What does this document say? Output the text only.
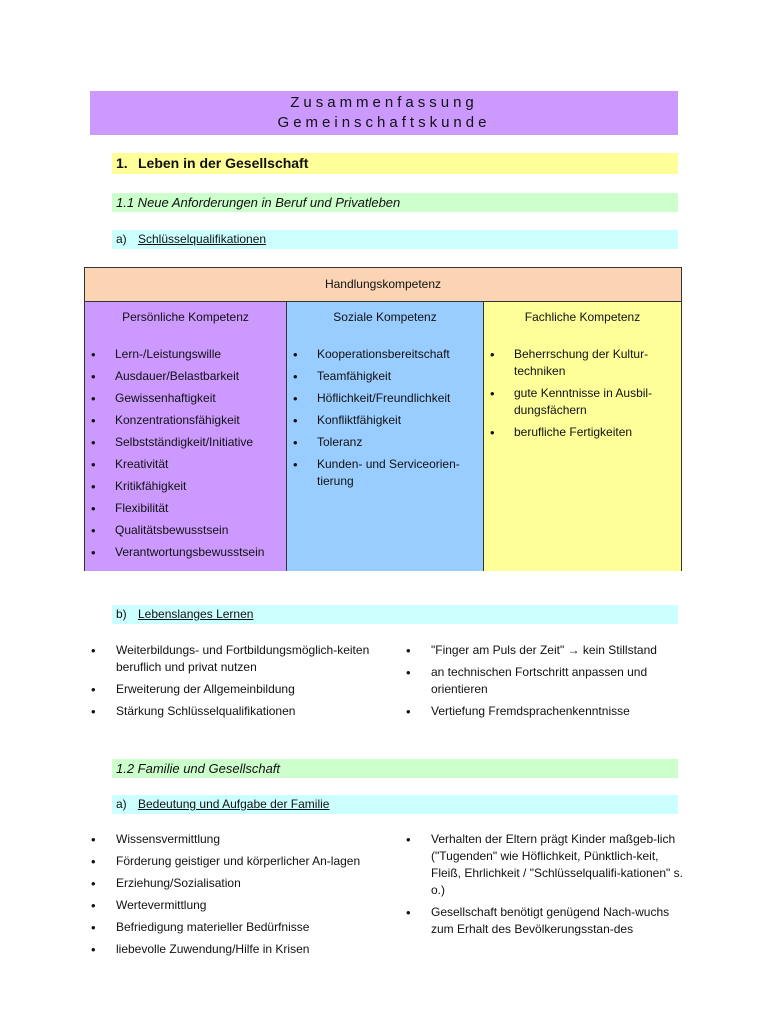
Zusammenfassung
Gemeinschaftskunde
1. Leben in der Gesellschaft
1.1 Neue Anforderungen in Beruf und Privatleben
a) Schlüsselqualifikationen
Handlungskompetenz
Persönliche Kompetenz
• Lern-/Leistungswille
• Ausdauer/Belastbarkeit
• Gewissenhaftigkeit
• Konzentrationsfähigkeit
• Selbstständigkeit/Initiative
• Kreativität
• Kritikfähigkeit
• Flexibilität
• Qualitätsbewusstsein
• Verantwortungsbewusstsein
Soziale Kompetenz
• Kooperationsbereitschaft
• Teamfähigkeit
• Höflichkeit/Freundlichkeit
• Konfliktfähigkeit
• Toleranz
• Kunden- und Serviceorien-tierung
Fachliche Kompetenz
• Beherrschung der Kultur-techniken
• gute Kenntnisse in Ausbil-dungsfächern
• berufliche Fertigkeiten
b) Lebenslanges Lernen
• Weiterbildungs- und Fortbildungsmöglich-keiten beruflich und privat nutzen
• Erweiterung der Allgemeinbildung
• Stärkung Schlüsselqualifikationen
• "Finger am Puls der Zeit" → kein Stillstand
• an technischen Fortschritt anpassen und orientieren
• Vertiefung Fremdsprachenkenntnisse
1.2 Familie und Gesellschaft
a) Bedeutung und Aufgabe der Familie
• Wissensvermittlung
• Förderung geistiger und körperlicher An-lagen
• Erziehung/Sozialisation
• Wertevermittlung
• Befriedigung materieller Bedürfnisse
• liebevolle Zuwendung/Hilfe in Krisen
• Verhalten der Eltern prägt Kinder maßgeb-lich ("Tugenden" wie Höflichkeit, Pünktlich-keit, Fleiß, Ehrlichkeit / "Schlüsselqualifi-kationen" s. o.)
• Gesellschaft benötigt genügend Nach-wuchs zum Erhalt des Bevölkerungsstan-des
